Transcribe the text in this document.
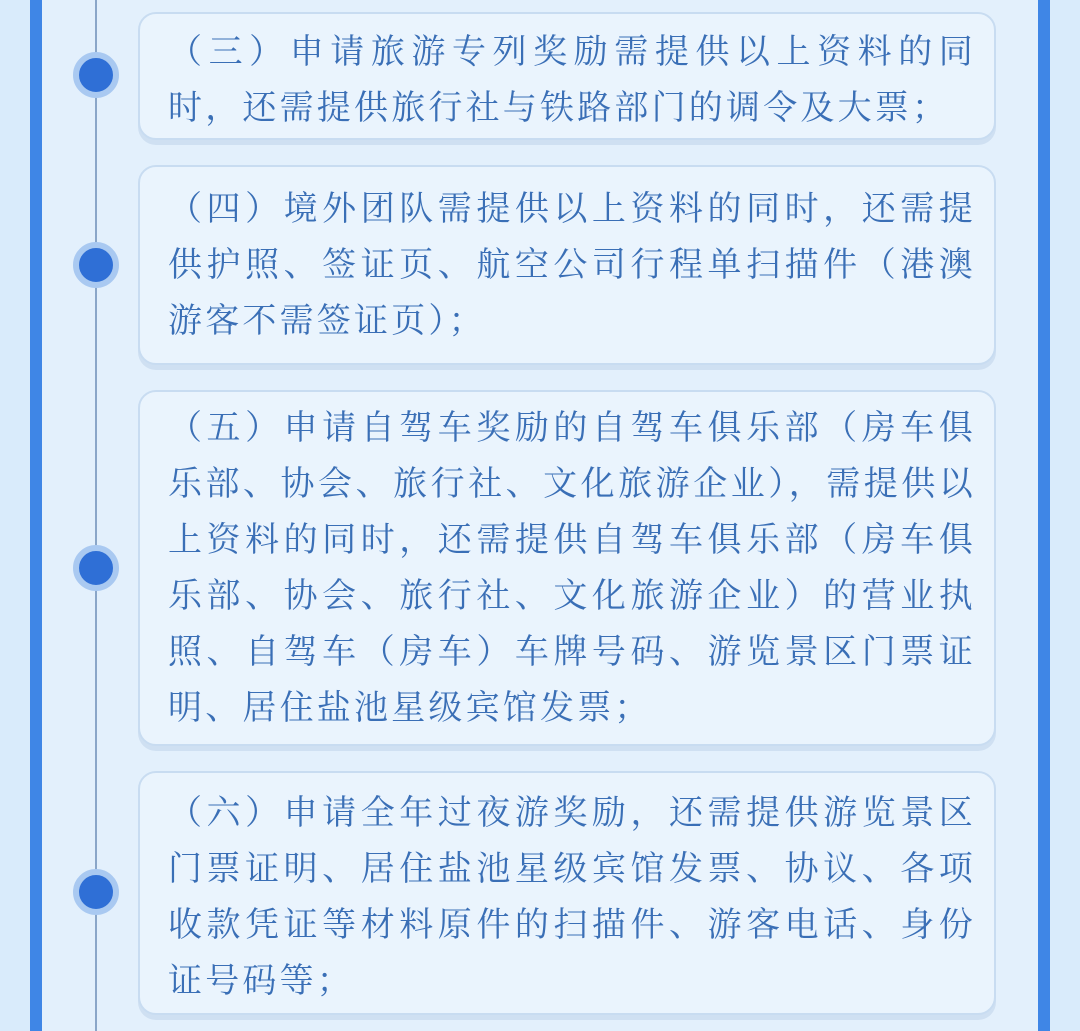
（三）申请旅游专列奖励需提供以上资料的同时，还需提供旅行社与铁路部门的调令及大票；

（四）境外团队需提供以上资料的同时，还需提供护照、签证页、航空公司行程单扫描件（港澳游客不需签证页）；

（五）申请自驾车奖励的自驾车俱乐部（房车俱乐部、协会、旅行社、文化旅游企业），需提供以上资料的同时，还需提供自驾车俱乐部（房车俱乐部、协会、旅行社、文化旅游企业）的营业执照、自驾车（房车）车牌号码、游览景区门票证明、居住盐池星级宾馆发票；

（六）申请全年过夜游奖励，还需提供游览景区门票证明、居住盐池星级宾馆发票、协议、各项收款凭证等材料原件的扫描件、游客电话、身份证号码等；
